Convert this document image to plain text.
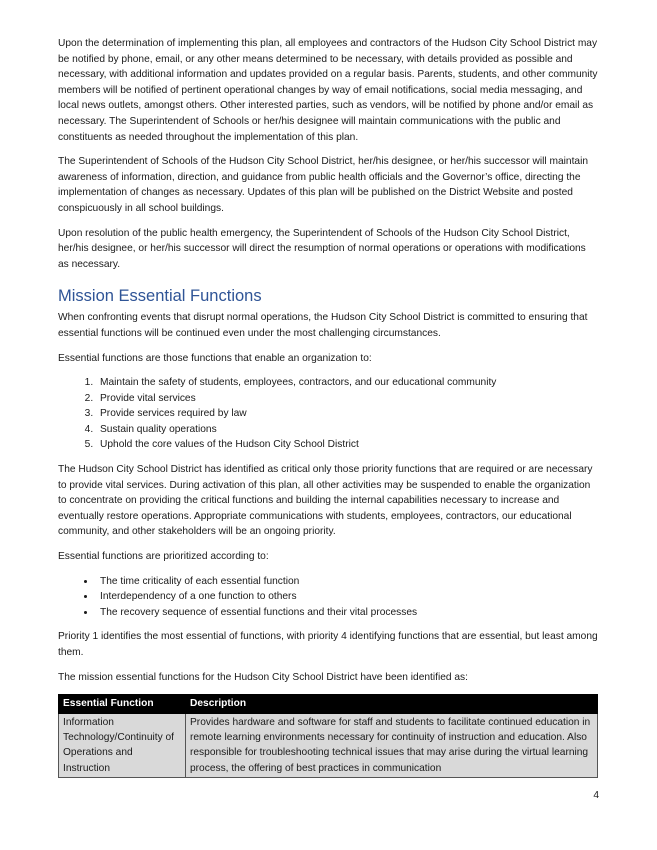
Upon the determination of implementing this plan, all employees and contractors of the Hudson City School District may be notified by phone, email, or any other means determined to be necessary, with details provided as possible and necessary, with additional information and updates provided on a regular basis. Parents, students, and other community members will be notified of pertinent operational changes by way of email notifications, social media messaging, and local news outlets, amongst others. Other interested parties, such as vendors, will be notified by phone and/or email as necessary. The Superintendent of Schools or her/his designee will maintain communications with the public and constituents as needed throughout the implementation of this plan.

The Superintendent of Schools of the Hudson City School District, her/his designee, or her/his successor will maintain awareness of information, direction, and guidance from public health officials and the Governor’s office, directing the implementation of changes as necessary. Updates of this plan will be published on the District Website and posted conspicuously in all school buildings.

Upon resolution of the public health emergency, the Superintendent of Schools of the Hudson City School District, her/his designee, or her/his successor will direct the resumption of normal operations or operations with modifications as necessary.

Mission Essential Functions

When confronting events that disrupt normal operations, the Hudson City School District is committed to ensuring that essential functions will be continued even under the most challenging circumstances.

Essential functions are those functions that enable an organization to:

1. Maintain the safety of students, employees, contractors, and our educational community
2. Provide vital services
3. Provide services required by law
4. Sustain quality operations
5. Uphold the core values of the Hudson City School District

The Hudson City School District has identified as critical only those priority functions that are required or are necessary to provide vital services. During activation of this plan, all other activities may be suspended to enable the organization to concentrate on providing the critical functions and building the internal capabilities necessary to increase and eventually restore operations. Appropriate communications with students, employees, contractors, our educational community, and other stakeholders will be an ongoing priority.

Essential functions are prioritized according to:

• The time criticality of each essential function
• Interdependency of a one function to others
• The recovery sequence of essential functions and their vital processes

Priority 1 identifies the most essential of functions, with priority 4 identifying functions that are essential, but least among them.

The mission essential functions for the Hudson City School District have been identified as:

Essential Function	Description
Information Technology/Continuity of Operations and Instruction	Provides hardware and software for staff and students to facilitate continued education in remote learning environments necessary for continuity of instruction and education. Also responsible for troubleshooting technical issues that may arise during the virtual learning process, the offering of best practices in communication
4
